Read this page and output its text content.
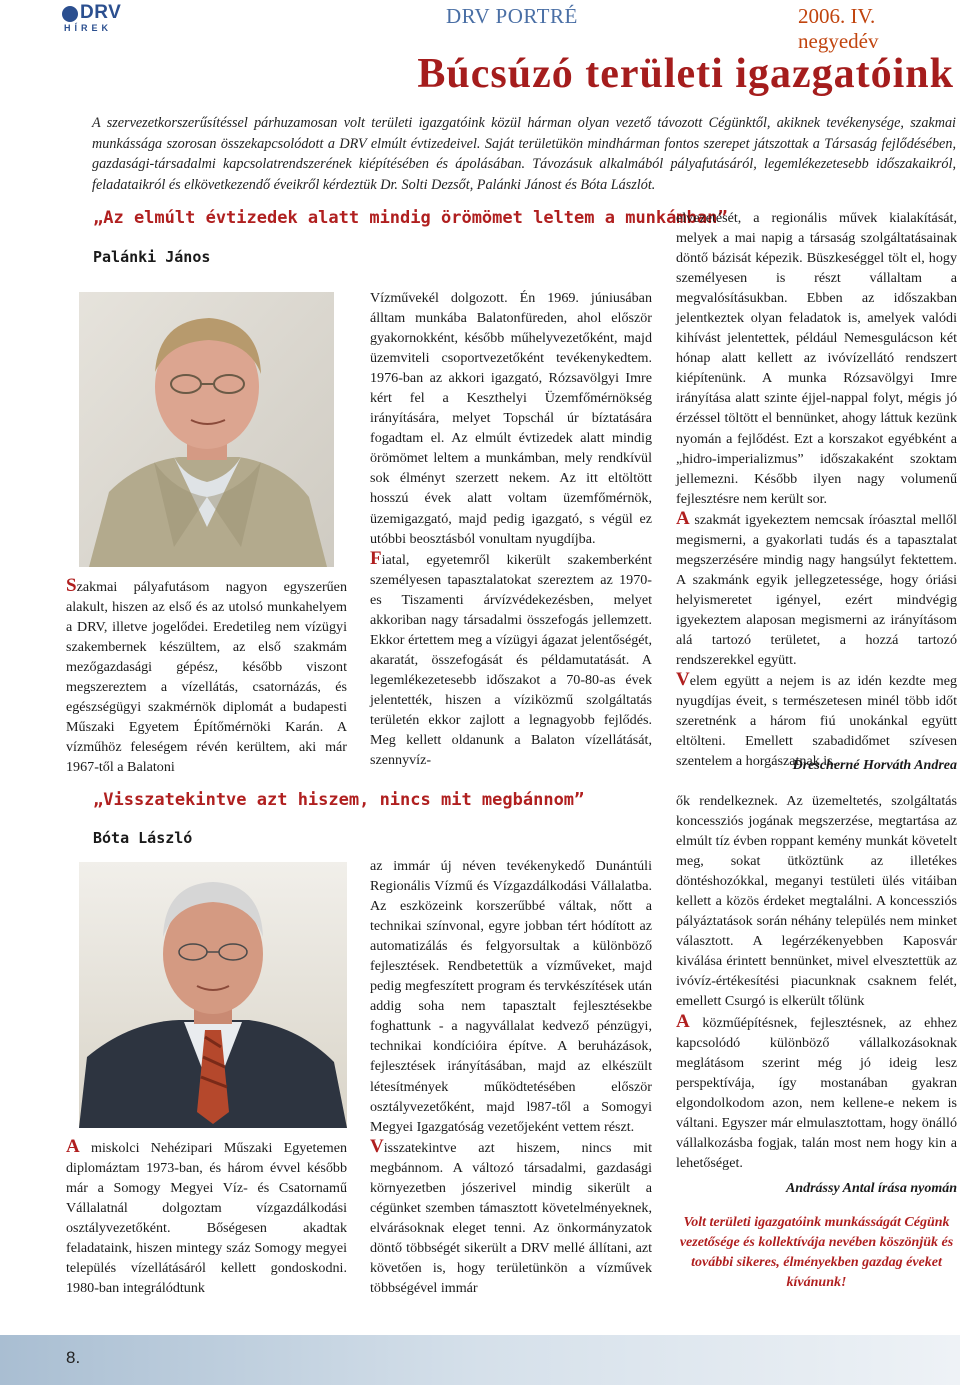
DRV
HÍREK	DRV PORTRÉ	2006. IV. negyedév
Búcsúzó területi igazgatóink

A szervezetkorszerűsítéssel párhuzamosan volt területi igazgatóink közül hárman olyan vezető távozott Cégünktől, akiknek tevékenysége, szakmai munkássága szorosan összekapcsolódott a DRV elmúlt évtizedeivel. Saját területükön mindhárman fontos szerepet játszottak a Társaság fejlődésében, gazdasági-társadalmi kapcsolatrendszerének kiépítésében és ápolásában. Távozásuk alkalmából pályafutásáról, legemlékezetesebb időszakaikról, feladataikról és elkövetkezendő éveikről kérdeztük Dr. Solti Dezsőt, Palánki Jánost és Bóta Lászlót.

„Az elmúlt évtizedek alatt mindig örömömet leltem a munkámban”
Palánki János

Szakmai pályafutásom nagyon egyszerűen alakult, hiszen az első és az utolsó munkahelyem a DRV, illetve jogelődei. Eredetileg nem vízügyi szakembernek készültem, az első szakmám mezőgazdasági gépész, később viszont megszereztem a vízellátás, csatornázás, és egészségügyi szakmérnök diplomát a budapesti Műszaki Egyetem Építőmérnöki Karán. A vízműhöz feleségem révén kerültem, aki már 1967-től a Balatoni

Vízművekél dolgozott. Én 1969. júniusában álltam munkába Balatonfüreden, ahol először gyakornokként, később műhelyvezetőként, majd üzemviteli csoportvezetőként tevékenykedtem. 1976-ban az akkori igazgató, Rózsavölgyi Imre kért fel a Keszthelyi Üzemfőmérnökség irányítására, melyet Topschál úr bíztatására fogadtam el. Az elmúlt évtizedek alatt mindig örömömet leltem a munkámban, mely rendkívül sok élményt szerzett nekem. Az itt eltöltött hosszú évek alatt voltam üzemfőmérnök, üzemigazgató, majd pedig igazgató, s végül ez utóbbi beosztásból vonultam nyugdíjba.

Fiatal, egyetemről kikerült szakemberként személyesen tapasztalatokat szereztem az 1970-es Tiszamenti árvízvédekezésben, melyet akkoriban nagy társadalmi összefogás jellemzett. Ekkor értettem meg a vízügyi ágazat jelentőségét, akaratát, összefogását és példamutatását. A legemlékezetesebb időszakot a 70-80-as évek jelentették, hiszen a víziközmű szolgáltatás területén ekkor zajlott a legnagyobb fejlődés. Meg kellett oldanunk a Balaton vízellátását, szennyvíz-

elvezetését, a regionális művek kialakítását, melyek a mai napig a társaság szolgáltatásainak döntő bázisát képezik. Büszkeséggel tölt el, hogy személyesen is részt vállaltam a megvalósításukban. Ebben az időszakban jelentkeztek olyan feladatok is, amelyek valódi kihívást jelentettek, például Nemesgulácson két hónap alatt kellett az ivóvízellátó rendszert kiépítenünk. A munka Rózsavölgyi Imre irányítása alatt szinte éjjel-nappal folyt, mégis jó érzéssel töltött el bennünket, ahogy láttuk kezünk nyomán a fejlődést. Ezt a korszakot egyébként a „hidro-imperializmus” időszakaként szoktam jellemezni. Később ilyen nagy volumenű fejlesztésre nem került sor.

A szakmát igyekeztem nemcsak íróasztal mellől megismerni, a gyakorlati tudás és a tapasztalat megszerzésére mindig nagy hangsúlyt fektettem. A szakmánk egyik jellegzetessége, hogy óriási helyismeretet igényel, ezért mindvégig igyekeztem alaposan megismerni az irányításom alá tartozó területet, a hozzá tartozó rendszerekkel együtt.

Velem együtt a nejem is az idén kezdte meg nyugdíjas éveit, s természetesen minél több időt szeretnénk a három fiú unokánkal együtt eltölteni. Emellett szabadidőmet szívesen szentelem a horgászatnak is.

Drescherné Horváth Andrea

ők rendelkeznek. Az üzemeltetés, szolgáltatás koncessziós jogának megszerzése, megtartása az elmúlt tíz évben roppant kemény munkát követelt meg, sokat ütköztünk az illetékes döntéshozókkal, meganyi testületi ülés vitáiban kellett a közös érdeket megtalálni. A koncessziós pályáztatások során néhány település nem minket választott. A legérzékenyebben Kaposvár kiválása érintett bennünket, mivel elvesztettük az ivóvíz-értékesítési piacunknak csaknem felét, emellett Csurgó is elkerült tőlünk

A közműépítésnek, fejlesztésnek, az ehhez kapcsolódó különböző vállalkozásoknak meglátásom szerint még jó ideig lesz perspektívája, így mostanában gyakran elgondolkodom azon, nem kellene-e nekem is váltani. Egyszer már elmulasztottam, hogy önálló vállalkozásba fogjak, talán most nem hogy kin a lehetőséget.

Andrássy Antal írása nyomán
Volt területi igazgatóink munkásságát Cégünk vezetősége és kollektívája nevében köszönjük és további sikeres, élményekben gazdag éveket kívánunk!
„Visszatekintve azt hiszem, nincs mit megbánnom”
Bóta László

A miskolci Nehézipari Műszaki Egyetemen diplomáztam 1973-ban, és három évvel később már a Somogy Megyei Víz- és Csatornamű Vállalatnál dolgoztam vízgazdálkodási osztályvezetőként. Bőségesen akadtak feladataink, hiszen mintegy száz Somogy megyei település vízellátásáról kellett gondoskodni. 1980-ban integrálódtunk

az immár új néven tevékenykedő Dunántúli Regionális Vízmű és Vízgazdálkodási Vállalatba. Az eszközeink korszerűbbé váltak, nőtt a technikai színvonal, egyre jobban tért hódított az automatizálás és felgyorsultak a különböző fejlesztések. Rendbetettük a vízműveket, majd pedig megfeszített program és tervkészítések után addig soha nem tapasztalt fejlesztésekbe foghattunk - a nagyvállalat kedvező pénzügyi, technikai kondícióira építve. A beruházások, fejlesztések irányításában, majd az elkészült létesítmények működtetésében először osztályvezetőként, majd l987-től a Somogyi Megyei Igazgatóság vezetőjeként vettem részt.

Visszatekintve azt hiszem, nincs mit megbánnom. A változó társadalmi, gazdasági környezetben jószerivel mindig sikerült a cégünket szemben támasztott követelményeknek, elvárásoknak eleget tenni. Az önkormányzatok döntő többségét sikerült a DRV mellé állítani, azt követően is, hogy területünkön a vízművek többségével immár

8.
